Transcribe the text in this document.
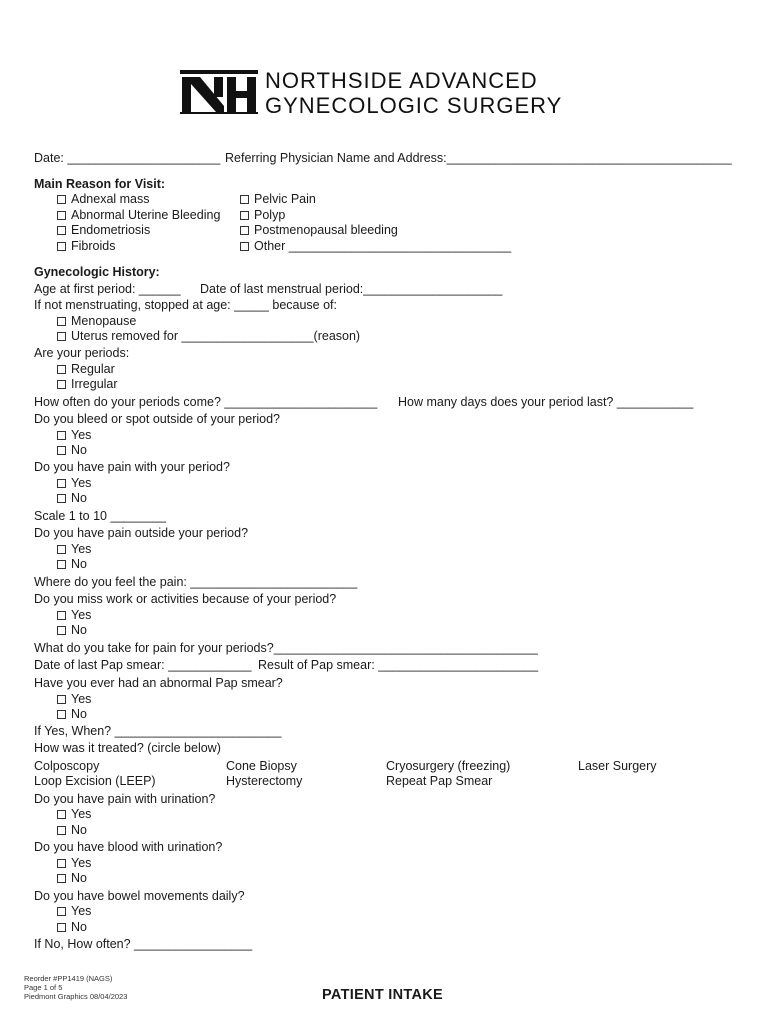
NORTHSIDE ADVANCED
GYNECOLOGIC SURGERY
Date: ______________________ Referring Physician Name and Address:_________________________________________
Main Reason for Visit:
Adnexal mass
Abnormal Uterine Bleeding
Endometriosis
Fibroids
Pelvic Pain
Polyp
Postmenopausal bleeding
Other ________________________________
Gynecologic History:
Age at first period: ______ Date of last menstrual period:____________________
If not menstruating, stopped at age: _____ because of:
Menopause
Uterus removed for ___________________(reason)
Are your periods:
Regular
Irregular
How often do your periods come? ______________________ How many days does your period last? ___________
Do you bleed or spot outside of your period?
Yes
No
Do you have pain with your period?
Yes
No
Scale 1 to 10 ________
Do you have pain outside your period?
Yes
No
Where do you feel the pain: ________________________
Do you miss work or activities because of your period?
Yes
No
What do you take for pain for your periods?______________________________________
Date of last Pap smear: ____________ Result of Pap smear: _______________________
Have you ever had an abnormal Pap smear?
Yes
No
If Yes, When? ________________________
How was it treated? (circle below)
Colposcopy	Cone Biopsy	Cryosurgery (freezing)	Laser Surgery
Loop Excision (LEEP)	Hysterectomy	Repeat Pap Smear
Do you have pain with urination?
Yes
No
Do you have blood with urination?
Yes
No
Do you have bowel movements daily?
Yes
No
If No, How often? _________________
Reorder #PP1419 (NAGS)
Page 1 of 5
Piedmont Graphics 08/04/2023	PATIENT INTAKE
